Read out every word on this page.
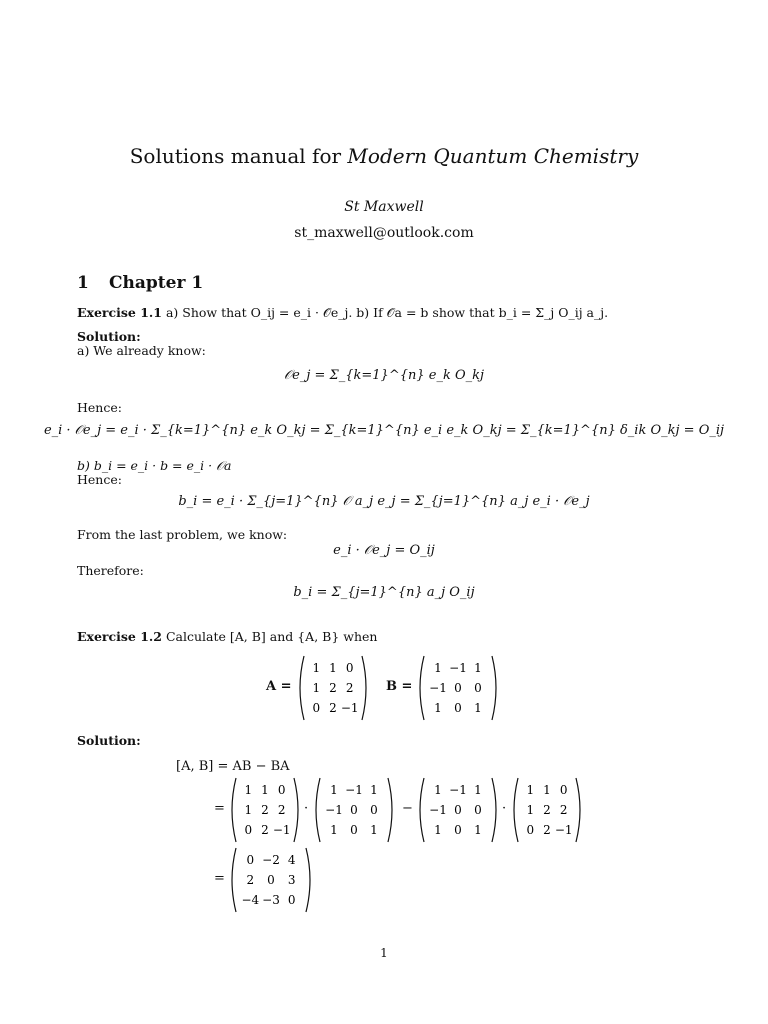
Solutions manual for Modern Quantum Chemistry
St Maxwell
st_maxwell@outlook.com
1 Chapter 1
Exercise 1.1 a) Show that O_ij = e_i · 𝒪e_j. b) If 𝒪a = b show that b_i = Σ_j O_ij a_j.
Solution:
a) We already know:
𝒪e_j = Σ_{k=1}^{n} e_k O_kj
Hence:
e_i · 𝒪e_j = e_i · Σ_{k=1}^{n} e_k O_kj = Σ_{k=1}^{n} e_i e_k O_kj = Σ_{k=1}^{n} δ_ik O_kj = O_ij
b) b_i = e_i · b = e_i · 𝒪a
Hence:
b_i = e_i · Σ_{j=1}^{n} 𝒪 a_j e_j = Σ_{j=1}^{n} a_j e_i · 𝒪e_j
From the last problem, we know:
e_i · 𝒪e_j = O_ij
Therefore:
b_i = Σ_{j=1}^{n} a_j O_ij
Exercise 1.2 Calculate [A, B] and {A, B} when
A =
1 1 0
1 2 2
0 2 −1
B =
1 −1 1
−1 0 0
1 0 1
Solution:
[A, B] = AB − BA
=
1 1 0
1 2 2
0 2 −1
·
1 −1 1
−1 0 0
1 0 1
−
1 −1 1
−1 0 0
1 0 1
·
1 1 0
1 2 2
0 2 −1
=
0 −2 4
2 0 3
−4 −3 0
1
